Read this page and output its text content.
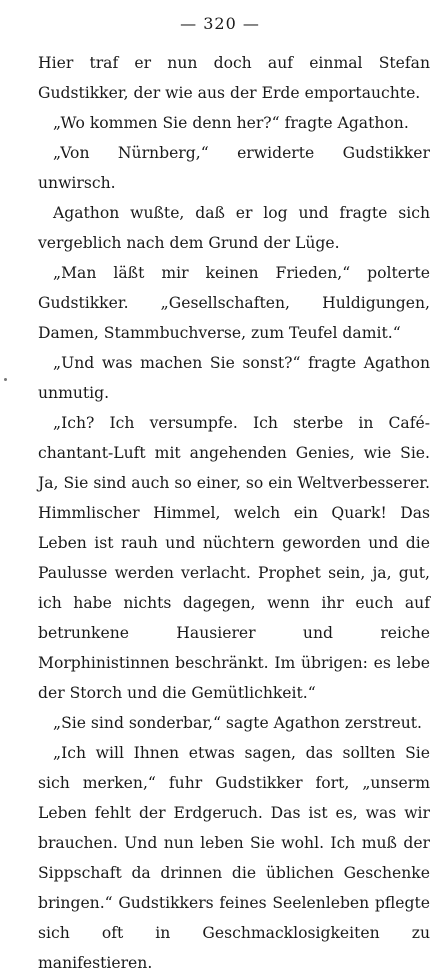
— 320 —

Hier traf er nun doch auf einmal Stefan Gudstikker, der wie aus der Erde emportauchte.

„Wo kommen Sie denn her?“ fragte Agathon.

„Von Nürnberg,“ erwiderte Gudstikker unwirsch.

Agathon wußte, daß er log und fragte sich vergeblich nach dem Grund der Lüge.

„Man läßt mir keinen Frieden,“ polterte Gudstikker. „Gesellschaften, Huldigungen, Damen, Stammbuchverse, zum Teufel damit.“

„Und was machen Sie sonst?“ fragte Agathon unmutig.

„Ich? Ich versumpfe. Ich sterbe in Café-chantant-Luft mit angehenden Genies, wie Sie. Ja, Sie sind auch so einer, so ein Weltverbesserer. Himmlischer Himmel, welch ein Quark! Das Leben ist rauh und nüchtern geworden und die Paulusse werden verlacht. Prophet sein, ja, gut, ich habe nichts dagegen, wenn ihr euch auf betrunkene Hausierer und reiche Morphinistinnen beschränkt. Im übrigen: es lebe der Storch und die Gemütlichkeit.“

„Sie sind sonderbar,“ sagte Agathon zerstreut.

„Ich will Ihnen etwas sagen, das sollten Sie sich merken,“ fuhr Gudstikker fort, „unserm Leben fehlt der Erdgeruch. Das ist es, was wir brauchen. Und nun leben Sie wohl. Ich muß der Sippschaft da drinnen die üblichen Geschenke bringen.“ Gudstikkers feines Seelenleben pflegte sich oft in Geschmacklosigkeiten zu manifestieren.
